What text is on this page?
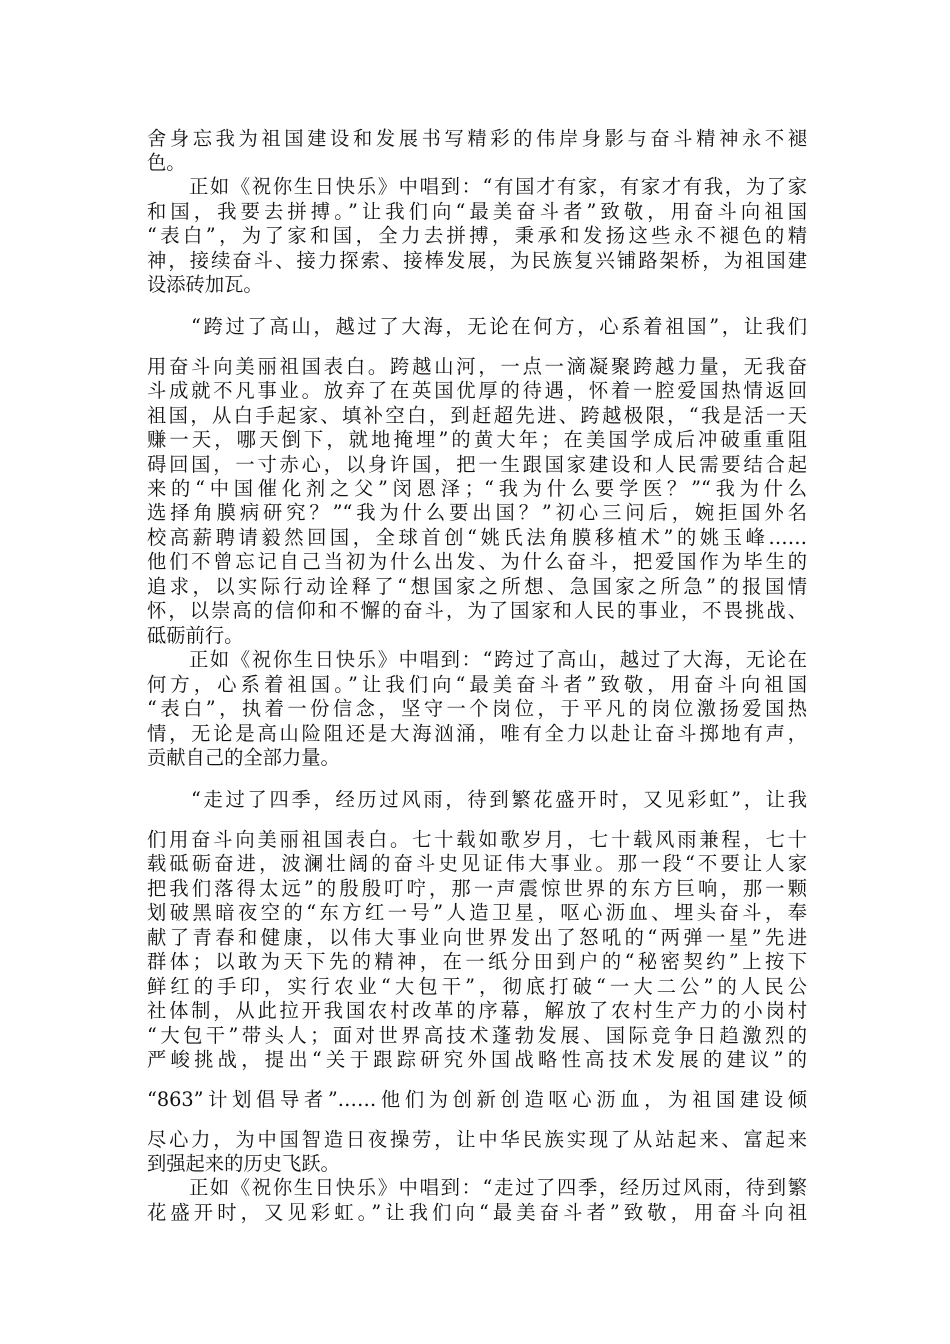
舍身忘我为祖国建设和发展书写精彩的伟岸身影与奋斗精神永不褪
色。
　　正如《祝你生日快乐》中唱到：“有国才有家，有家才有我，为了家
和国，我要去拼搏。”让我们向“最美奋斗者”致敬，用奋斗向祖国
“表白”，为了家和国，全力去拼搏，秉承和发扬这些永不褪色的精
神，接续奋斗、接力探索、接棒发展，为民族复兴铺路架桥，为祖国建
设添砖加瓦。
　　“跨过了高山，越过了大海，无论在何方，心系着祖国”，让我们
用奋斗向美丽祖国表白。跨越山河，一点一滴凝聚跨越力量，无我奋
斗成就不凡事业。放弃了在英国优厚的待遇，怀着一腔爱国热情返回
祖国，从白手起家、填补空白，到赶超先进、跨越极限，“我是活一天
赚一天，哪天倒下，就地掩埋”的黄大年；在美国学成后冲破重重阻
碍回国，一寸赤心，以身许国，把一生跟国家建设和人民需要结合起
来的“中国催化剂之父”闵恩泽；“我为什么要学医？”“我为什么
选择角膜病研究？”“我为什么要出国？”初心三问后，婉拒国外名
校高薪聘请毅然回国，全球首创“姚氏法角膜移植术”的姚玉峰……
他们不曾忘记自己当初为什么出发、为什么奋斗，把爱国作为毕生的
追求，以实际行动诠释了“想国家之所想、急国家之所急”的报国情
怀，以崇高的信仰和不懈的奋斗，为了国家和人民的事业，不畏挑战、
砥砺前行。
　　正如《祝你生日快乐》中唱到：“跨过了高山，越过了大海，无论在
何方，心系着祖国。”让我们向“最美奋斗者”致敬，用奋斗向祖国
“表白”，执着一份信念，坚守一个岗位，于平凡的岗位激扬爱国热
情，无论是高山险阻还是大海汹涌，唯有全力以赴让奋斗掷地有声，
贡献自己的全部力量。
　　“走过了四季，经历过风雨，待到繁花盛开时，又见彩虹”，让我
们用奋斗向美丽祖国表白。七十载如歌岁月，七十载风雨兼程，七十
载砥砺奋进，波澜壮阔的奋斗史见证伟大事业。那一段“不要让人家
把我们落得太远”的殷殷叮咛，那一声震惊世界的东方巨响，那一颗
划破黑暗夜空的“东方红一号”人造卫星，呕心沥血、埋头奋斗，奉
献了青春和健康，以伟大事业向世界发出了怒吼的“两弹一星”先进
群体；以敢为天下先的精神，在一纸分田到户的“秘密契约”上按下
鲜红的手印，实行农业“大包干”，彻底打破“一大二公”的人民公
社体制，从此拉开我国农村改革的序幕，解放了农村生产力的小岗村
“大包干”带头人；面对世界高技术蓬勃发展、国际竞争日趋激烈的
严峻挑战，提出“关于跟踪研究外国战略性高技术发展的建议”的
“863”计划倡导者”……他们为创新创造呕心沥血，为祖国建设倾
尽心力，为中国智造日夜操劳，让中华民族实现了从站起来、富起来
到强起来的历史飞跃。
　　正如《祝你生日快乐》中唱到：“走过了四季，经历过风雨，待到繁
花盛开时，又见彩虹。”让我们向“最美奋斗者”致敬，用奋斗向祖
